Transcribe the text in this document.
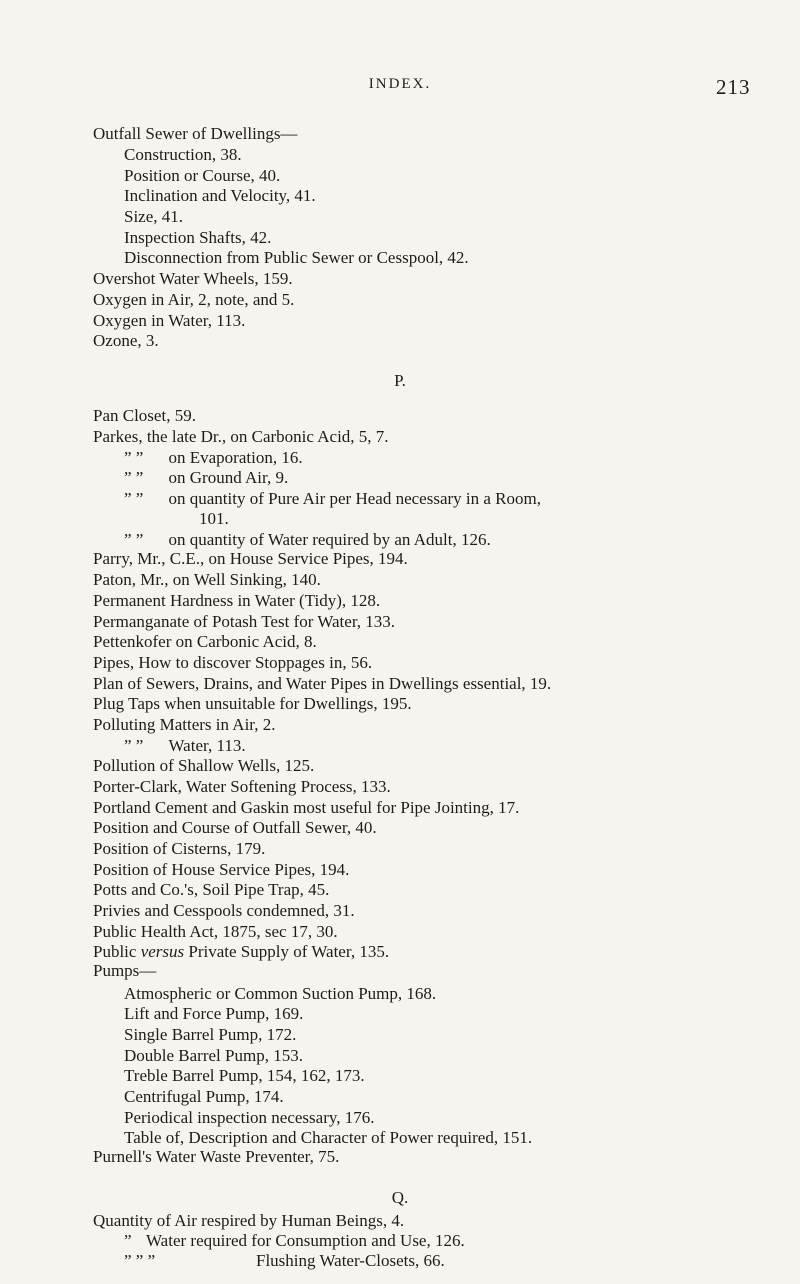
INDEX.	213
Outfall Sewer of Dwellings—
Construction, 38.
Position or Course, 40.
Inclination and Velocity, 41.
Size, 41.
Inspection Shafts, 42.
Disconnection from Public Sewer or Cesspool, 42.
Overshot Water Wheels, 159.
Oxygen in Air, 2, note, and 5.
Oxygen in Water, 113.
Ozone, 3.
P.
Pan Closet, 59.
Parkes, the late Dr., on Carbonic Acid, 5, 7.
” ” on Evaporation, 16.
” ” on Ground Air, 9.
” ” on quantity of Pure Air per Head necessary in a Room,
101.
” ” on quantity of Water required by an Adult, 126.
Parry, Mr., C.E., on House Service Pipes, 194.
Paton, Mr., on Well Sinking, 140.
Permanent Hardness in Water (Tidy), 128.
Permanganate of Potash Test for Water, 133.
Pettenkofer on Carbonic Acid, 8.
Pipes, How to discover Stoppages in, 56.
Plan of Sewers, Drains, and Water Pipes in Dwellings essential, 19.
Plug Taps when unsuitable for Dwellings, 195.
Polluting Matters in Air, 2.
” ” Water, 113.
Pollution of Shallow Wells, 125.
Porter-Clark, Water Softening Process, 133.
Portland Cement and Gaskin most useful for Pipe Jointing, 17.
Position and Course of Outfall Sewer, 40.
Position of Cisterns, 179.
Position of House Service Pipes, 194.
Potts and Co.'s, Soil Pipe Trap, 45.
Privies and Cesspools condemned, 31.
Public Health Act, 1875, sec 17, 30.
Public versus Private Supply of Water, 135.
Pumps—
Atmospheric or Common Suction Pump, 168.
Lift and Force Pump, 169.
Single Barrel Pump, 172.
Double Barrel Pump, 153.
Treble Barrel Pump, 154, 162, 173.
Centrifugal Pump, 174.
Periodical inspection necessary, 176.
Table of, Description and Character of Power required, 151.
Purnell's Water Waste Preventer, 75.
Q.
Quantity of Air respired by Human Beings, 4.
” Water required for Consumption and Use, 126.
” ” ”	Flushing Water-Closets, 66.
